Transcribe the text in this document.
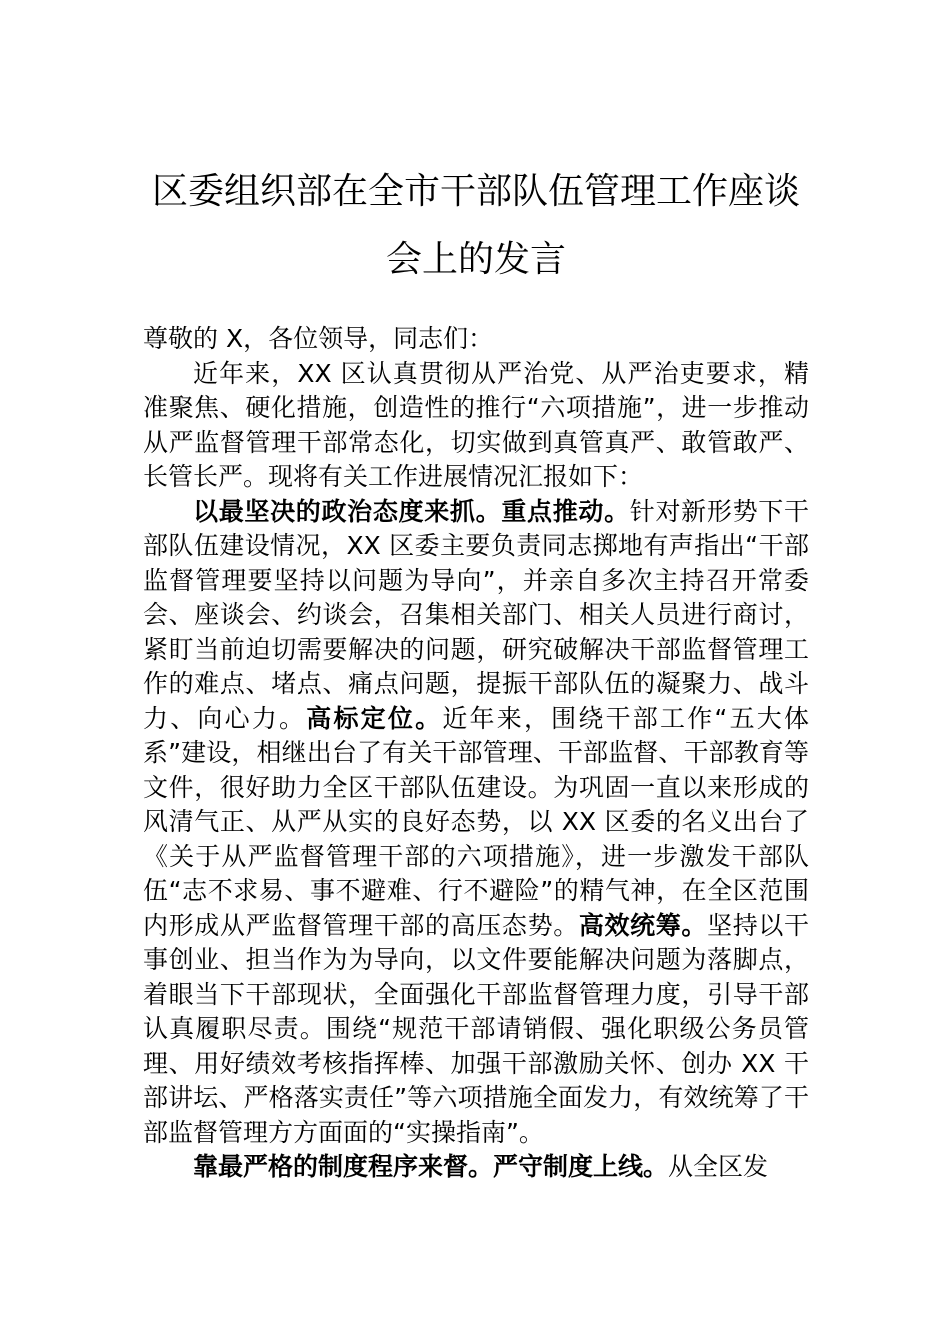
区委组织部在全市干部队伍管理工作座谈
会上的发言

尊敬的 X，各位领导，同志们：

近年来，XX 区认真贯彻从严治党、从严治吏要求，精准聚焦、硬化措施，创造性的推行“六项措施”，进一步推动从严监督管理干部常态化，切实做到真管真严、敢管敢严、长管长严。现将有关工作进展情况汇报如下：

以最坚决的政治态度来抓。重点推动。针对新形势下干部队伍建设情况，XX 区委主要负责同志掷地有声指出“干部监督管理要坚持以问题为导向”，并亲自多次主持召开常委会、座谈会、约谈会，召集相关部门、相关人员进行商讨，紧盯当前迫切需要解决的问题，研究破解决干部监督管理工作的难点、堵点、痛点问题，提振干部队伍的凝聚力、战斗力、向心力。高标定位。近年来，围绕干部工作“五大体系”建设，相继出台了有关干部管理、干部监督、干部教育等文件，很好助力全区干部队伍建设。为巩固一直以来形成的风清气正、从严从实的良好态势，以 XX 区委的名义出台了《关于从严监督管理干部的六项措施》，进一步激发干部队伍“志不求易、事不避难、行不避险”的精气神，在全区范围内形成从严监督管理干部的高压态势。高效统筹。坚持以干事创业、担当作为为导向，以文件要能解决问题为落脚点，着眼当下干部现状，全面强化干部监督管理力度，引导干部认真履职尽责。围绕“规范干部请销假、强化职级公务员管理、用好绩效考核指挥棒、加强干部激励关怀、创办 XX 干部讲坛、严格落实责任”等六项措施全面发力，有效统筹了干部监督管理方方面面的“实操指南”。

靠最严格的制度程序来督。严守制度上线。从全区发
